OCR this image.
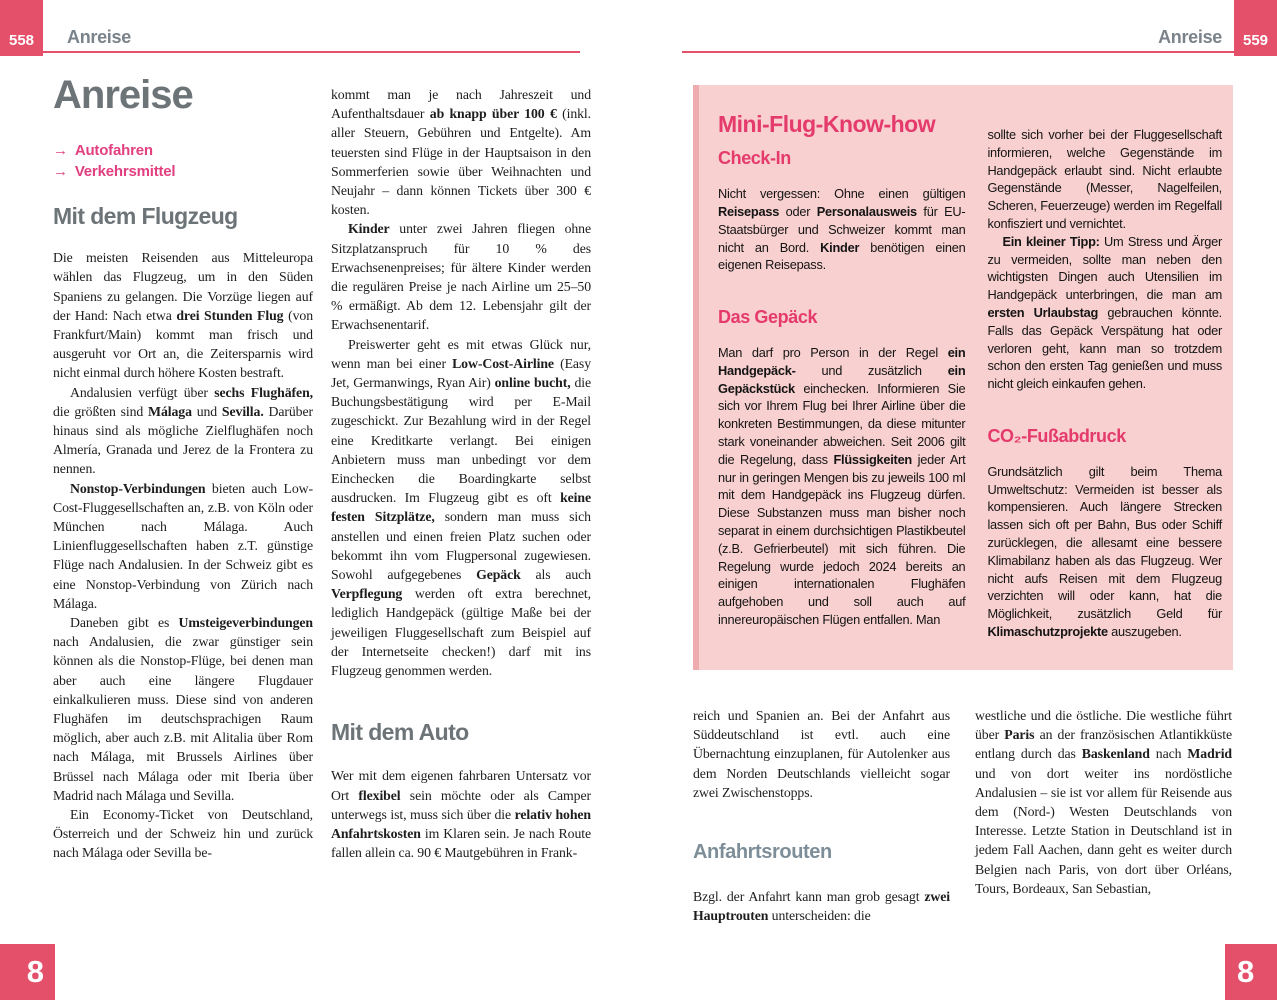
558	Anreise	559
Anreise
Anreise
→ Autofahren
→ Verkehrsmittel
Mit dem Flugzeug

Die meisten Reisenden aus Mitteleuropa wählen das Flugzeug, um in den Süden Spaniens zu gelangen. Die Vorzüge liegen auf der Hand: Nach etwa drei Stunden Flug (von Frankfurt/Main) kommt man frisch und ausgeruht vor Ort an, die Zeitersparnis wird nicht einmal durch höhere Kosten bestraft.

Andalusien verfügt über sechs Flughäfen, die größten sind Málaga und Sevilla. Darüber hinaus sind als mögliche Zielflughäfen noch Almería, Granada und Jerez de la Frontera zu nennen.

Nonstop-Verbindungen bieten auch Low-Cost-Fluggesellschaften an, z.B. von Köln oder München nach Málaga. Auch Linienfluggesellschaften haben z.T. günstige Flüge nach Andalusien. In der Schweiz gibt es eine Nonstop-Verbindung von Zürich nach Málaga.

Daneben gibt es Umsteigeverbindungen nach Andalusien, die zwar günstiger sein können als die Nonstop-Flüge, bei denen man aber auch eine längere Flugdauer einkalkulieren muss. Diese sind von anderen Flughäfen im deutschsprachigen Raum möglich, aber auch z.B. mit Alitalia über Rom nach Málaga, mit Brussels Airlines über Brüssel nach Málaga oder mit Iberia über Madrid nach Málaga und Sevilla.

Ein Economy-Ticket von Deutschland, Österreich und der Schweiz hin und zurück nach Málaga oder Sevilla be-

kommt man je nach Jahreszeit und Aufenthaltsdauer ab knapp über 100 € (inkl. aller Steuern, Gebühren und Entgelte). Am teuersten sind Flüge in der Hauptsaison in den Sommerferien sowie über Weihnachten und Neujahr – dann können Tickets über 300 € kosten.

Kinder unter zwei Jahren fliegen ohne Sitzplatzanspruch für 10 % des Erwachsenenpreises; für ältere Kinder werden die regulären Preise je nach Airline um 25–50 % ermäßigt. Ab dem 12. Lebensjahr gilt der Erwachsenentarif.

Preiswerter geht es mit etwas Glück nur, wenn man bei einer Low-Cost-Airline (Easy Jet, Germanwings, Ryan Air) online bucht, die Buchungsbestätigung wird per E-Mail zugeschickt. Zur Bezahlung wird in der Regel eine Kreditkarte verlangt. Bei einigen Anbietern muss man unbedingt vor dem Einchecken die Boardingkarte selbst ausdrucken. Im Flugzeug gibt es oft keine festen Sitzplätze, sondern man muss sich anstellen und einen freien Platz suchen oder bekommt ihn vom Flugpersonal zugewiesen. Sowohl aufgegebenes Gepäck als auch Verpflegung werden oft extra berechnet, lediglich Handgepäck (gültige Maße bei der jeweiligen Fluggesellschaft zum Beispiel auf der Internetseite checken!) darf mit ins Flugzeug genommen werden.

Mit dem Auto

Wer mit dem eigenen fahrbaren Untersatz vor Ort flexibel sein möchte oder als Camper unterwegs ist, muss sich über die relativ hohen Anfahrtskosten im Klaren sein. Je nach Route fallen allein ca. 90 € Mautgebühren in Frank-

Mini-Flug-Know-how
Check-In

Nicht vergessen: Ohne einen gültigen Reisepass oder Personalausweis für EU-Staatsbürger und Schweizer kommt man nicht an Bord. Kinder benötigen einen eigenen Reisepass.

Das Gepäck

Man darf pro Person in der Regel ein Handgepäck- und zusätzlich ein Gepäckstück einchecken. Informieren Sie sich vor Ihrem Flug bei Ihrer Airline über die konkreten Bestimmungen, da diese mitunter stark voneinander abweichen. Seit 2006 gilt die Regelung, dass Flüssigkeiten jeder Art nur in geringen Mengen bis zu jeweils 100 ml mit dem Handgepäck ins Flugzeug dürfen. Diese Substanzen muss man bisher noch separat in einem durchsichtigen Plastikbeutel (z.B. Gefrierbeutel) mit sich führen. Die Regelung wurde jedoch 2024 bereits an einigen internationalen Flughäfen aufgehoben und soll auch auf innereuropäischen Flügen entfallen. Man

sollte sich vorher bei der Fluggesellschaft informieren, welche Gegenstände im Handgepäck erlaubt sind. Nicht erlaubte Gegenstände (Messer, Nagelfeilen, Scheren, Feuerzeuge) werden im Regelfall konfisziert und vernichtet.

Ein kleiner Tipp: Um Stress und Ärger zu vermeiden, sollte man neben den wichtigsten Dingen auch Utensilien im Handgepäck unterbringen, die man am ersten Urlaubstag gebrauchen könnte. Falls das Gepäck Verspätung hat oder verloren geht, kann man so trotzdem schon den ersten Tag genießen und muss nicht gleich einkaufen gehen.

CO₂-Fußabdruck

Grundsätzlich gilt beim Thema Umweltschutz: Vermeiden ist besser als kompensieren. Auch längere Strecken lassen sich oft per Bahn, Bus oder Schiff zurücklegen, die allesamt eine bessere Klimabilanz haben als das Flugzeug. Wer nicht aufs Reisen mit dem Flugzeug verzichten will oder kann, hat die Möglichkeit, zusätzlich Geld für Klimaschutzprojekte auszugeben.

reich und Spanien an. Bei der Anfahrt aus Süddeutschland ist evtl. auch eine Übernachtung einzuplanen, für Autolenker aus dem Norden Deutschlands vielleicht sogar zwei Zwischenstopps.

Anfahrtsrouten

Bzgl. der Anfahrt kann man grob gesagt zwei Hauptrouten unterscheiden: die

westliche und die östliche. Die westliche führt über Paris an der französischen Atlantikküste entlang durch das Baskenland nach Madrid und von dort weiter ins nordöstliche Andalusien – sie ist vor allem für Reisende aus dem (Nord-) Westen Deutschlands von Interesse. Letzte Station in Deutschland ist in jedem Fall Aachen, dann geht es weiter durch Belgien nach Paris, von dort über Orléans, Tours, Bordeaux, San Sebastian,

8	8
